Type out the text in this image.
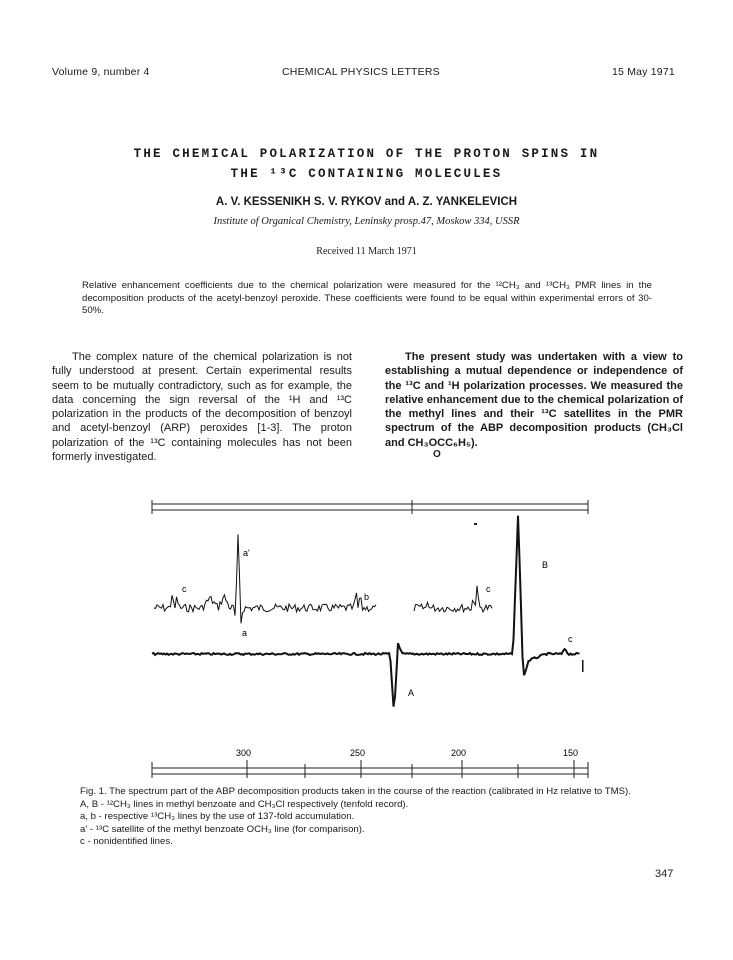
Volume 9, number 4	CHEMICAL PHYSICS LETTERS	15 May 1971
THE CHEMICAL POLARIZATION OF THE PROTON SPINS IN
THE ¹³C CONTAINING MOLECULES
A. V. KESSENIKH S. V. RYKOV and A. Z. YANKELEVICH
Institute of Organical Chemistry, Leninsky prosp.47, Moskow 334, USSR
Received 11 March 1971
Relative enhancement coefficients due to the chemical polarization were measured for the ¹²CH₃ and ¹³CH₃ PMR lines in the decomposition products of the acetyl-benzoyl peroxide. These coefficients were found to be equal within experimental errors of 30-50%.

The complex nature of the chemical polarization is not fully understood at present. Certain experimental results seem to be mutually contradictory, such as for example, the data concerning the sign reversal of the ¹H and ¹³C polarization in the products of the decomposition of benzoyl and acetyl-benzoyl (ARP) peroxides [1-3]. The proton polarization of the ¹³C containing molecules has not been formerly investigated.

The present study was undertaken with a view to establishing a mutual dependence or independence of the ¹³C and ¹H polarization processes. We measured the relative enhancement due to the chemical polarization of the methyl lines and their ¹³C satellites in the PMR spectrum of the ABP decomposition products (CH₃Cl and CH₃OCC₆H₅).

O
a'
c
b
a
c
B
c
A
300	250	200	150
Fig. 1. The spectrum part of the ABP decomposition products taken in the course of the reaction (calibrated in Hz relative to TMS).
A, B - ¹²CH₃ lines in methyl benzoate and CH₃Cl respectively (tenfold record).
a, b - respective ¹³CH₃ lines by the use of 137-fold accumulation.
a' - ¹³C satellite of the methyl benzoate OCH₃ line (for comparison).
c - nonidentified lines.
347
